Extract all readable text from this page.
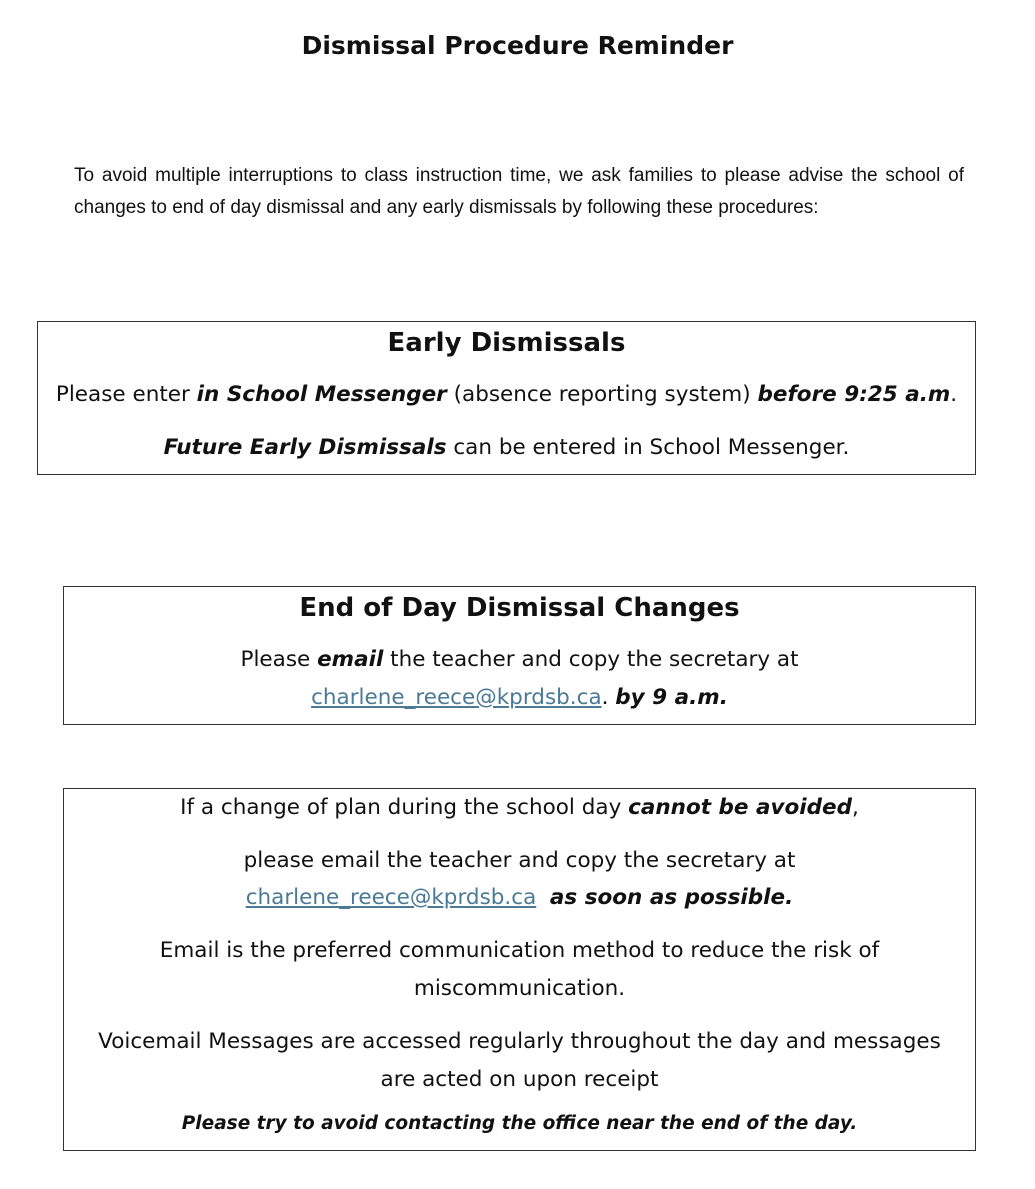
Dismissal Procedure Reminder
To avoid multiple interruptions to class instruction time, we ask families to please advise the school of changes to end of day dismissal and any early dismissals by following these procedures:

Early Dismissals

Please enter in School Messenger (absence reporting system) before 9:25 a.m.

Future Early Dismissals can be entered in School Messenger.

End of Day Dismissal Changes

Please email the teacher and copy the secretary at

charlene_reece@kprdsb.ca. by 9 a.m.

If a change of plan during the school day cannot be avoided,

please email the teacher and copy the secretary at

charlene_reece@kprdsb.ca as soon as possible.

Email is the preferred communication method to reduce the risk of

miscommunication.

Voicemail Messages are accessed regularly throughout the day and messages

are acted on upon receipt

Please try to avoid contacting the office near the end of the day.
